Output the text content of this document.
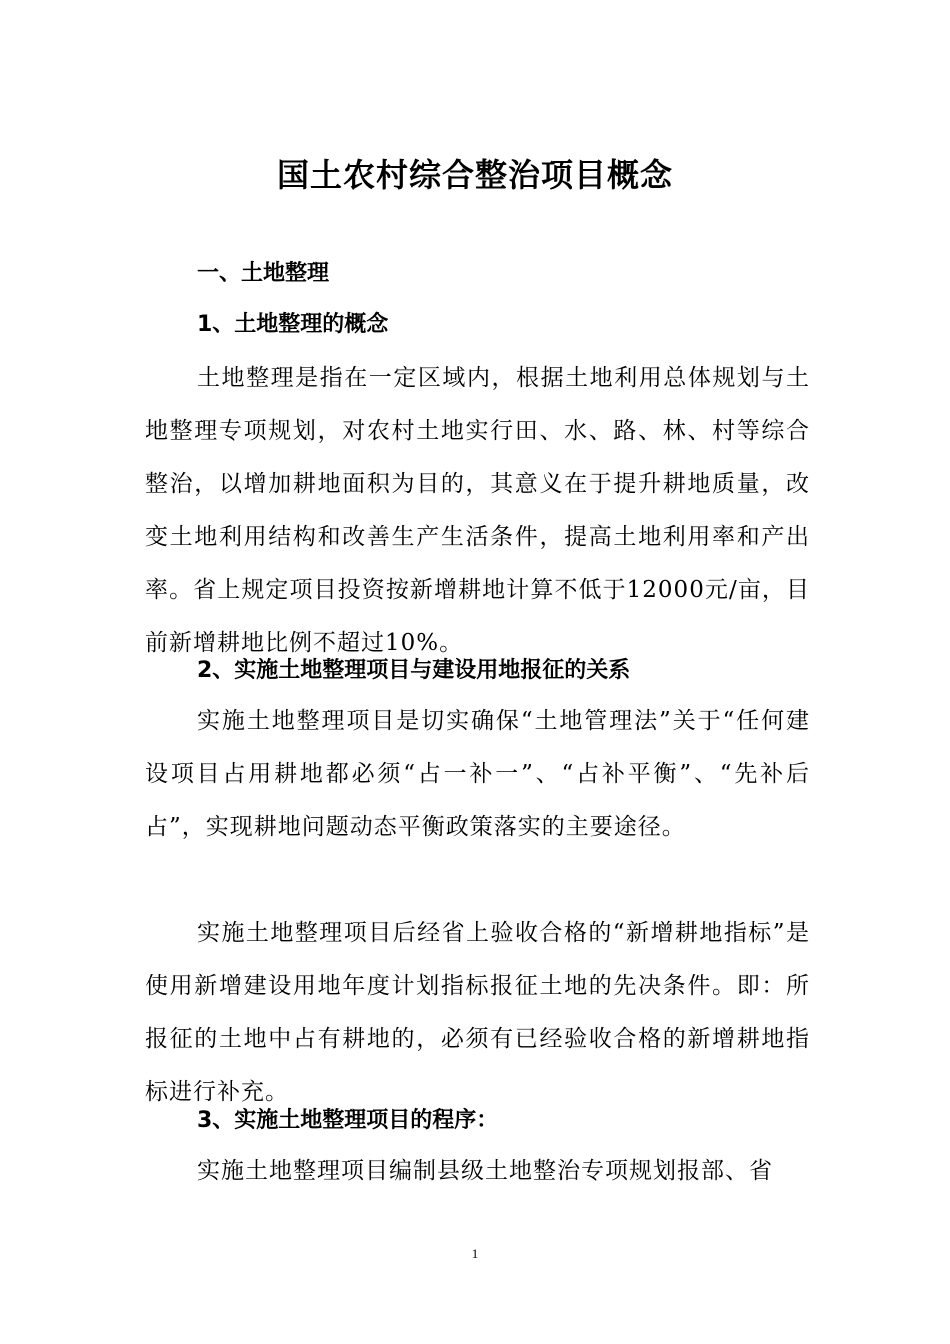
国土农村综合整治项目概念
一、土地整理
1、土地整理的概念

土地整理是指在一定区域内，根据土地利用总体规划与土地整理专项规划，对农村土地实行田、水、路、林、村等综合整治，以增加耕地面积为目的，其意义在于提升耕地质量，改变土地利用结构和改善生产生活条件，提高土地利用率和产出率。省上规定项目投资按新增耕地计算不低于12000元/亩，目前新增耕地比例不超过10%。

2、实施土地整理项目与建设用地报征的关系

实施土地整理项目是切实确保“土地管理法”关于“任何建设项目占用耕地都必须“占一补一”、“占补平衡”、“先补后占”，实现耕地问题动态平衡政策落实的主要途径。

实施土地整理项目后经省上验收合格的“新增耕地指标”是使用新增建设用地年度计划指标报征土地的先决条件。即：所报征的土地中占有耕地的，必须有已经验收合格的新增耕地指标进行补充。

3、实施土地整理项目的程序：

实施土地整理项目编制县级土地整治专项规划报部、省

1
